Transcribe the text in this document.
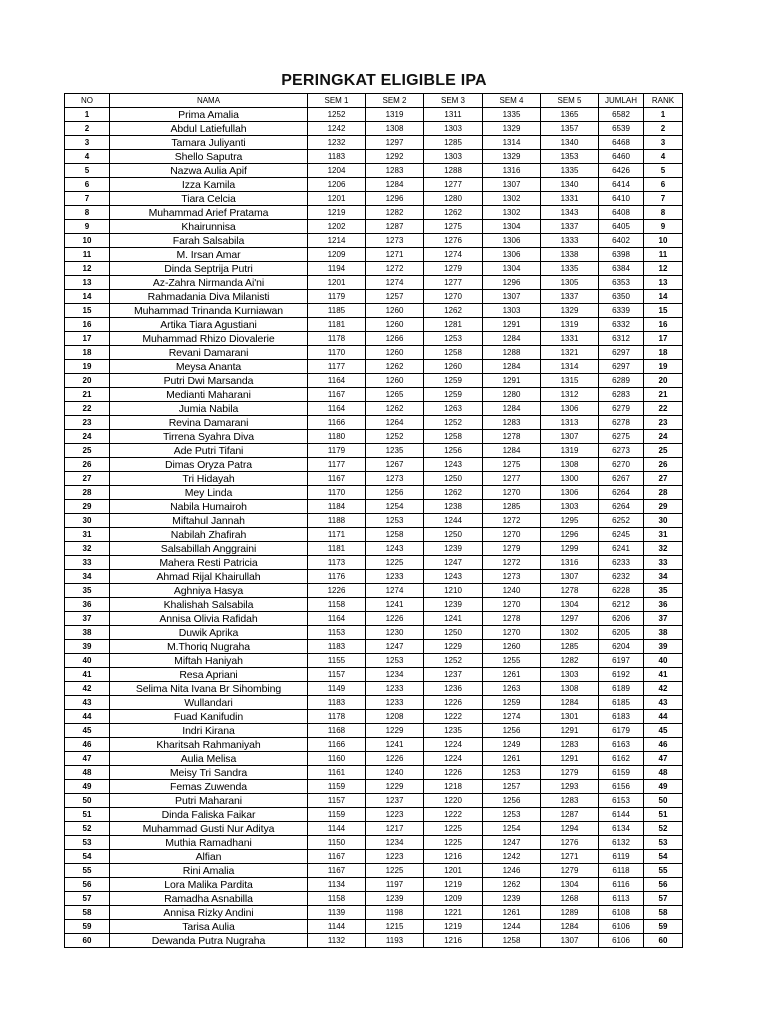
PERINGKAT ELIGIBLE IPA
NO	NAMA	SEM 1	SEM 2	SEM 3	SEM 4	SEM 5	JUMLAH	RANK
1	Prima Amalia	1252	1319	1311	1335	1365	6582	1
2	Abdul Latiefullah	1242	1308	1303	1329	1357	6539	2
3	Tamara Juliyanti	1232	1297	1285	1314	1340	6468	3
4	Shello Saputra	1183	1292	1303	1329	1353	6460	4
5	Nazwa Aulia Apif	1204	1283	1288	1316	1335	6426	5
6	Izza Kamila	1206	1284	1277	1307	1340	6414	6
7	Tiara Celcia	1201	1296	1280	1302	1331	6410	7
8	Muhammad Arief Pratama	1219	1282	1262	1302	1343	6408	8
9	Khairunnisa	1202	1287	1275	1304	1337	6405	9
10	Farah Salsabila	1214	1273	1276	1306	1333	6402	10
11	M. Irsan Amar	1209	1271	1274	1306	1338	6398	11
12	Dinda Septrija Putri	1194	1272	1279	1304	1335	6384	12
13	Az-Zahra Nirmanda Ai'ni	1201	1274	1277	1296	1305	6353	13
14	Rahmadania Diva Milanisti	1179	1257	1270	1307	1337	6350	14
15	Muhammad Trinanda Kurniawan	1185	1260	1262	1303	1329	6339	15
16	Artika Tiara Agustiani	1181	1260	1281	1291	1319	6332	16
17	Muhammad Rhizo Diovalerie	1178	1266	1253	1284	1331	6312	17
18	Revani Damarani	1170	1260	1258	1288	1321	6297	18
19	Meysa Ananta	1177	1262	1260	1284	1314	6297	19
20	Putri Dwi Marsanda	1164	1260	1259	1291	1315	6289	20
21	Medianti Maharani	1167	1265	1259	1280	1312	6283	21
22	Jumia Nabila	1164	1262	1263	1284	1306	6279	22
23	Revina Damarani	1166	1264	1252	1283	1313	6278	23
24	Tirrena Syahra Diva	1180	1252	1258	1278	1307	6275	24
25	Ade Putri Tifani	1179	1235	1256	1284	1319	6273	25
26	Dimas Oryza Patra	1177	1267	1243	1275	1308	6270	26
27	Tri Hidayah	1167	1273	1250	1277	1300	6267	27
28	Mey Linda	1170	1256	1262	1270	1306	6264	28
29	Nabila Humairoh	1184	1254	1238	1285	1303	6264	29
30	Miftahul Jannah	1188	1253	1244	1272	1295	6252	30
31	Nabilah Zhafirah	1171	1258	1250	1270	1296	6245	31
32	Salsabillah Anggraini	1181	1243	1239	1279	1299	6241	32
33	Mahera Resti Patricia	1173	1225	1247	1272	1316	6233	33
34	Ahmad Rijal Khairullah	1176	1233	1243	1273	1307	6232	34
35	Aghniya Hasya	1226	1274	1210	1240	1278	6228	35
36	Khalishah Salsabila	1158	1241	1239	1270	1304	6212	36
37	Annisa Olivia Rafidah	1164	1226	1241	1278	1297	6206	37
38	Duwik Aprika	1153	1230	1250	1270	1302	6205	38
39	M.Thoriq Nugraha	1183	1247	1229	1260	1285	6204	39
40	Miftah Haniyah	1155	1253	1252	1255	1282	6197	40
41	Resa Apriani	1157	1234	1237	1261	1303	6192	41
42	Selima Nita Ivana Br Sihombing	1149	1233	1236	1263	1308	6189	42
43	Wullandari	1183	1233	1226	1259	1284	6185	43
44	Fuad Kanifudin	1178	1208	1222	1274	1301	6183	44
45	Indri Kirana	1168	1229	1235	1256	1291	6179	45
46	Kharitsah Rahmaniyah	1166	1241	1224	1249	1283	6163	46
47	Aulia Melisa	1160	1226	1224	1261	1291	6162	47
48	Meisy Tri Sandra	1161	1240	1226	1253	1279	6159	48
49	Femas Zuwenda	1159	1229	1218	1257	1293	6156	49
50	Putri Maharani	1157	1237	1220	1256	1283	6153	50
51	Dinda Faliska Faikar	1159	1223	1222	1253	1287	6144	51
52	Muhammad Gusti Nur Aditya	1144	1217	1225	1254	1294	6134	52
53	Muthia Ramadhani	1150	1234	1225	1247	1276	6132	53
54	Alfian	1167	1223	1216	1242	1271	6119	54
55	Rini Amalia	1167	1225	1201	1246	1279	6118	55
56	Lora Malika Pardita	1134	1197	1219	1262	1304	6116	56
57	Ramadha Asnabilla	1158	1239	1209	1239	1268	6113	57
58	Annisa Rizky Andini	1139	1198	1221	1261	1289	6108	58
59	Tarisa Aulia	1144	1215	1219	1244	1284	6106	59
60	Dewanda Putra Nugraha	1132	1193	1216	1258	1307	6106	60
